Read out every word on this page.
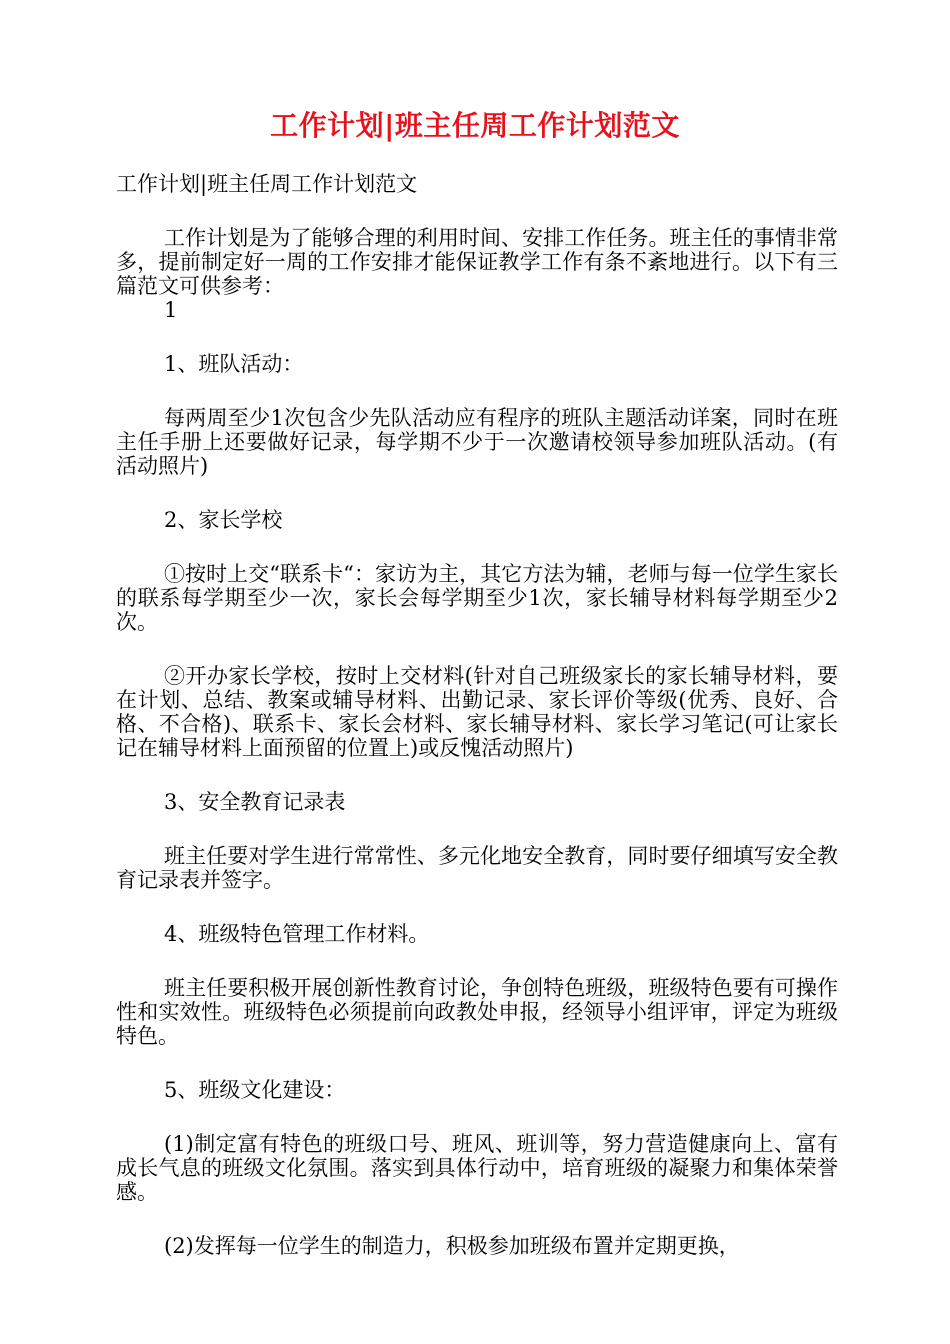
工作计划|班主任周工作计划范文

工作计划|班主任周工作计划范文

工作计划是为了能够合理的利用时间、安排工作任务。班主任的事情非常多，提前制定好一周的工作安排才能保证教学工作有条不紊地进行。以下有三篇范文可供参考：

1

1、班队活动：

每两周至少1次包含少先队活动应有程序的班队主题活动详案，同时在班主任手册上还要做好记录，每学期不少于一次邀请校领导参加班队活动。(有活动照片)

2、家长学校

①按时上交“联系卡“：家访为主，其它方法为辅，老师与每一位学生家长的联系每学期至少一次，家长会每学期至少1次，家长辅导材料每学期至少2次。

②开办家长学校，按时上交材料(针对自己班级家长的家长辅导材料，要在计划、总结、教案或辅导材料、出勤记录、家长评价等级(优秀、良好、合格、不合格)、联系卡、家长会材料、家长辅导材料、家长学习笔记(可让家长记在辅导材料上面预留的位置上)或反愧活动照片)

3、安全教育记录表

班主任要对学生进行常常性、多元化地安全教育，同时要仔细填写安全教育记录表并签字。

4、班级特色管理工作材料。

班主任要积极开展创新性教育讨论，争创特色班级，班级特色要有可操作性和实效性。班级特色必须提前向政教处申报，经领导小组评审，评定为班级特色。

5、班级文化建设：

(1)制定富有特色的班级口号、班风、班训等，努力营造健康向上、富有成长气息的班级文化氛围。落实到具体行动中，培育班级的凝聚力和集体荣誉感。

(2)发挥每一位学生的制造力，积极参加班级布置并定期更换，
